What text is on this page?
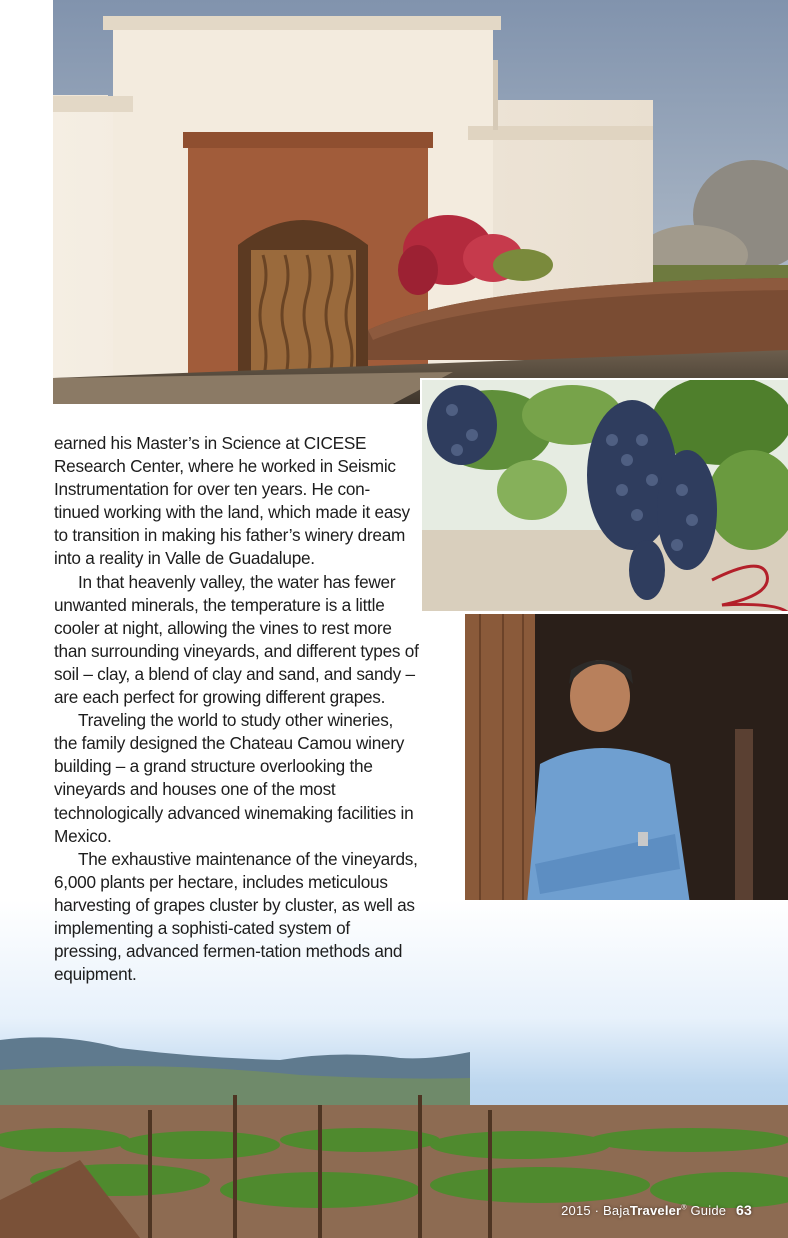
earned his Master’s in Science at CICESE Research Center, where he worked in Seismic Instrumentation for over ten years. He con-tinued working with the land, which made it easy to transition in making his father’s winery dream into a reality in Valle de Guadalupe.

In that heavenly valley, the water has fewer unwanted minerals, the temperature is a little cooler at night, allowing the vines to rest more than surrounding vineyards, and different types of soil – clay, a blend of clay and sand, and sandy – are each perfect for growing different grapes.

Traveling the world to study other wineries, the family designed the Chateau Camou winery building – a grand structure overlooking the vineyards and houses one of the most technologically advanced winemaking facilities in Mexico.

The exhaustive maintenance of the vineyards, 6,000 plants per hectare, includes meticulous harvesting of grapes cluster by cluster, as well as implementing a sophisti-cated system of pressing, advanced fermen-tation methods and equipment.

2015 · BajaTraveler® Guide 63
